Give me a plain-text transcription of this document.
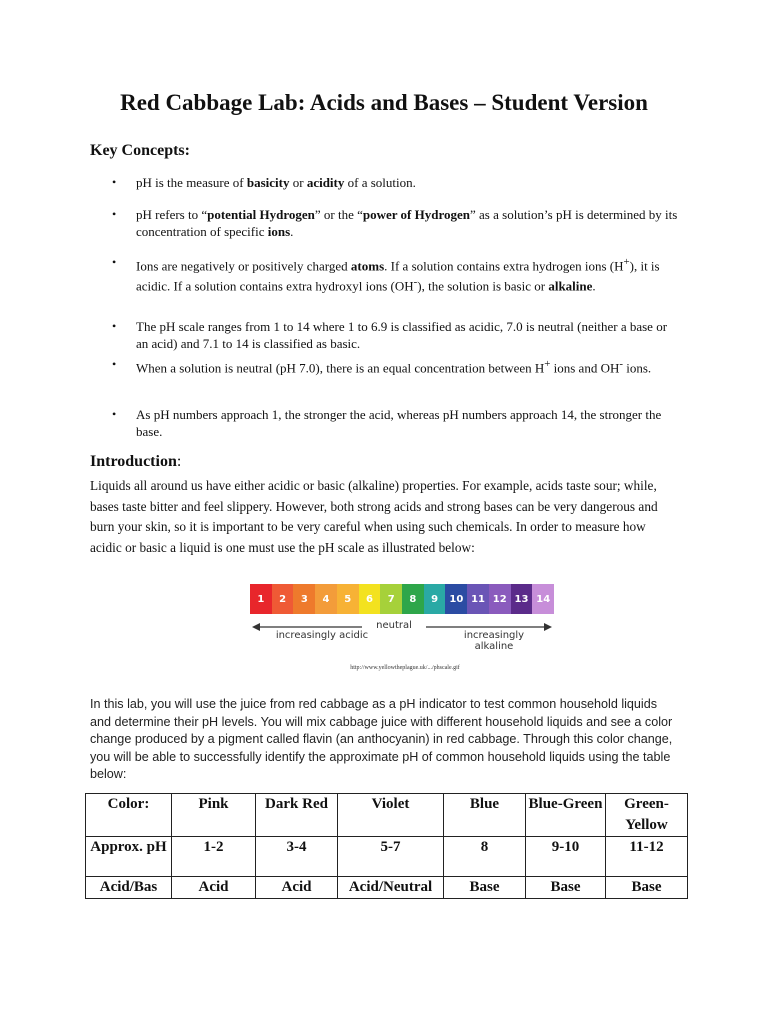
Red Cabbage Lab: Acids and Bases – Student Version
Key Concepts:
• pH is the measure of basicity or acidity of a solution.
• pH refers to “potential Hydrogen” or the “power of Hydrogen” as a solution’s pH is determined by its concentration of specific ions.
• Ions are negatively or positively charged atoms. If a solution contains extra hydrogen ions (H+), it is acidic. If a solution contains extra hydroxyl ions (OH-), the solution is basic or alkaline.
• The pH scale ranges from 1 to 14 where 1 to 6.9 is classified as acidic, 7.0 is neutral (neither a base or an acid) and 7.1 to 14 is classified as basic.
• When a solution is neutral (pH 7.0), there is an equal concentration between H+ ions and OH- ions.
• As pH numbers approach 1, the stronger the acid, whereas pH numbers approach 14, the stronger the base.
Introduction:
Liquids all around us have either acidic or basic (alkaline) properties. For example, acids taste sour; while, bases taste bitter and feel slippery. However, both strong acids and strong bases can be very dangerous and burn your skin, so it is important to be very careful when using such chemicals. In order to measure how acidic or basic a liquid is one must use the pH scale as illustrated below:
1	2	3	4	5	6	7	8	9	10 11 12 13 14
increasingly acidic
neutral
increasingly alkaline
http://www.yellowtheplague.uk/.../phscale.gif
In this lab, you will use the juice from red cabbage as a pH indicator to test common household liquids and determine their pH levels. You will mix cabbage juice with different household liquids and see a color change produced by a pigment called flavin (an anthocyanin) in red cabbage. Through this color change, you will be able to successfully identify the approximate pH of common household liquids using the table below:
Color:	Pink	Dark Red	Violet	Blue	Blue-Green	Green-Yellow
Approx. pH	1-2	3-4	5-7	8	9-10	11-12
Acid/Bas	Acid	Acid	Acid/Neutral	Base	Base	Base
